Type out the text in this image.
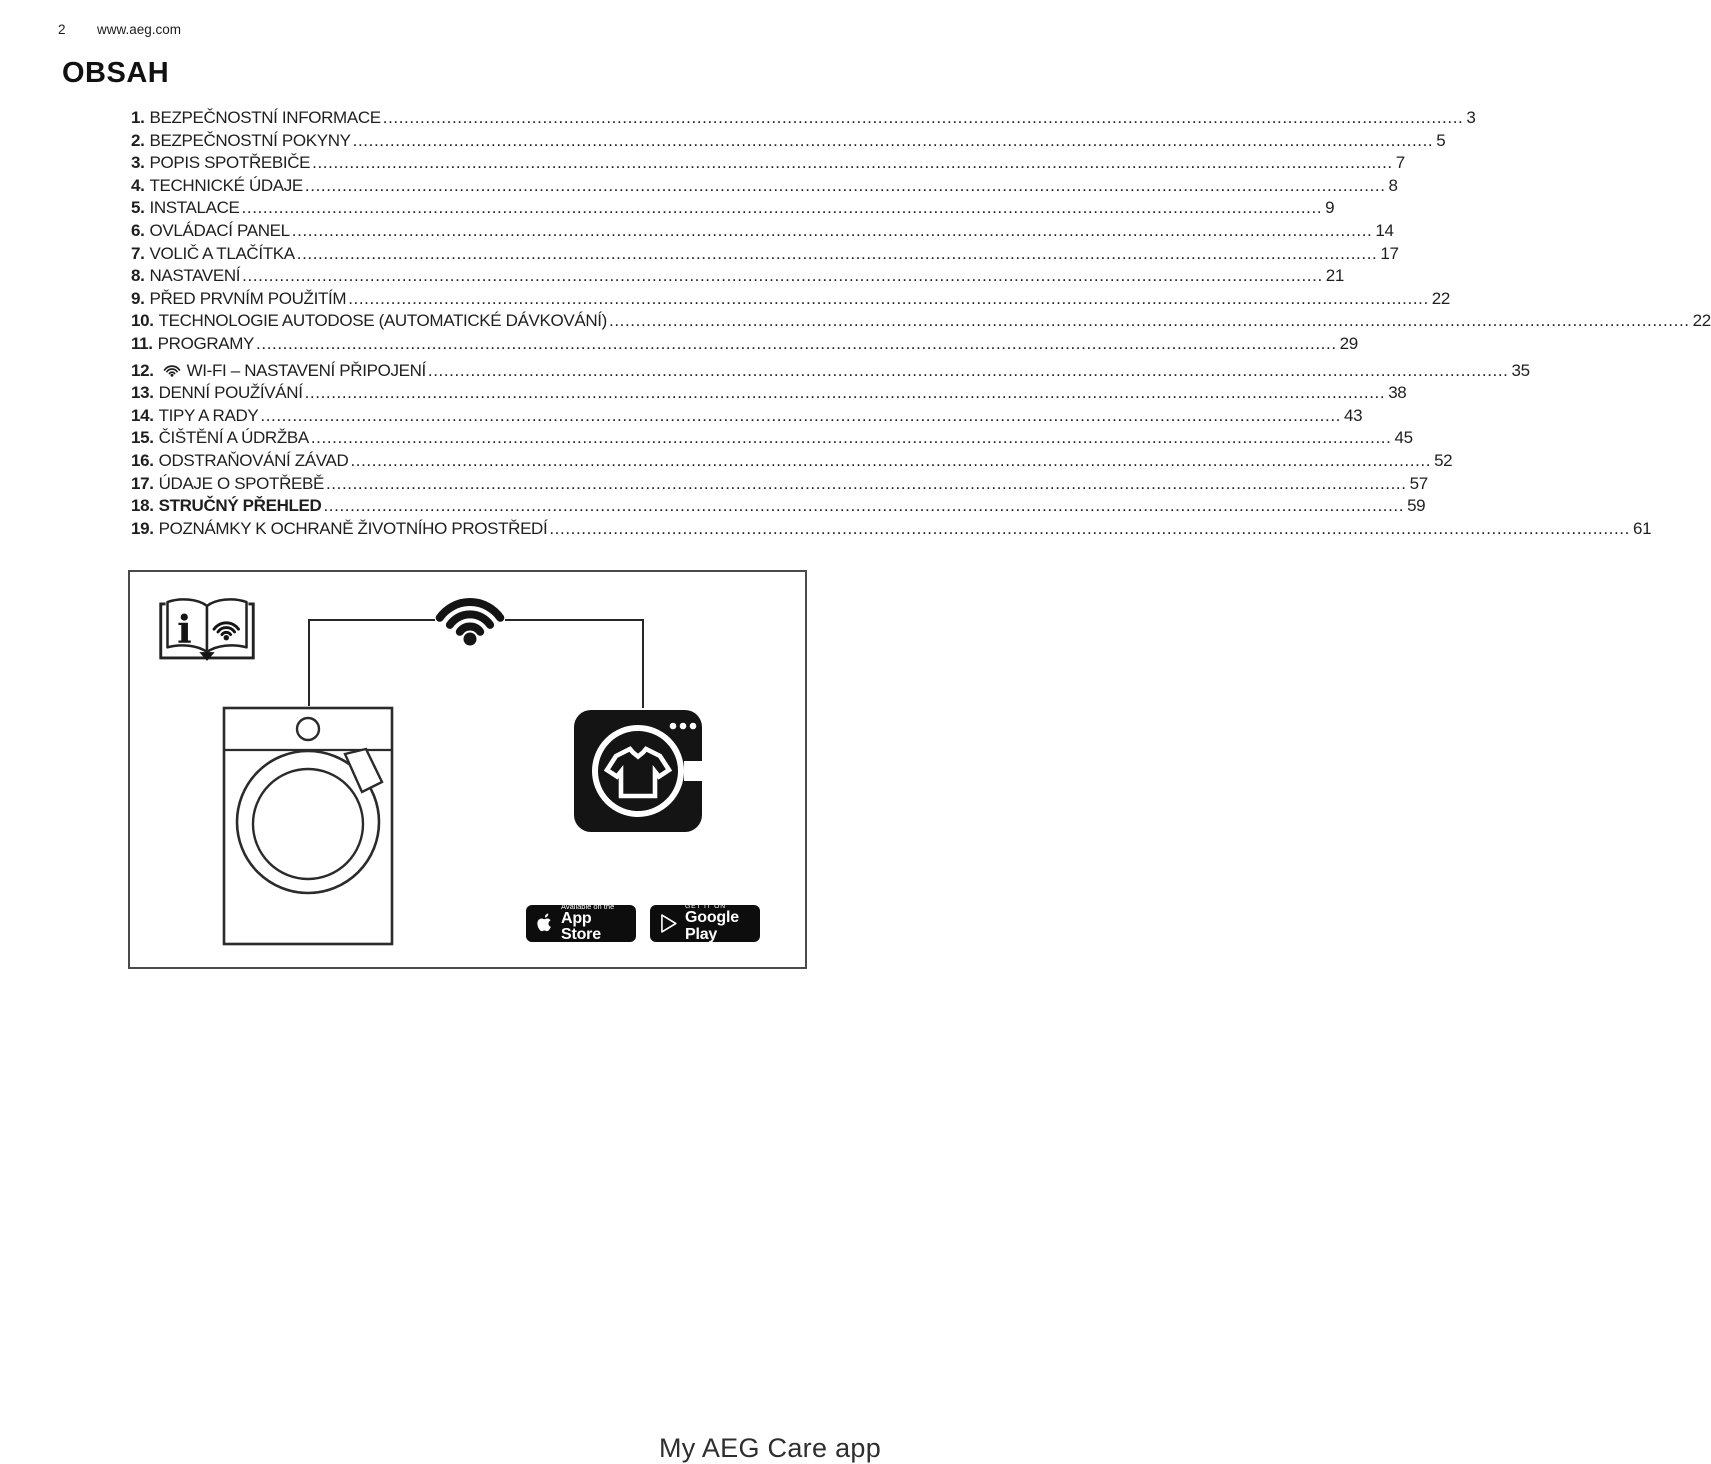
2 www.aeg.com
OBSAH
1. BEZPEČNOSTNÍ INFORMACE .....	3
2. BEZPEČNOSTNÍ POKYNY .....	5
3. POPIS SPOTŘEBIČE .....	7
4. TECHNICKÉ ÚDAJE .....	8
5. INSTALACE .....	9
6. OVLÁDACÍ PANEL .....	14
7. VOLIČ A TLAČÍTKA .....	17
8. NASTAVENÍ .....	21
9. PŘED PRVNÍM POUŽITÍM .....	22
10. TECHNOLOGIE AUTODOSE (AUTOMATICKÉ DÁVKOVÁNÍ) .....	22
11. PROGRAMY .....	29
12. WI-FI – NASTAVENÍ PŘIPOJENÍ .....	35
13. DENNÍ POUŽÍVÁNÍ .....	38
14. TIPY A RADY .....	43
15. ČIŠTĚNÍ A ÚDRŽBA .....	45
16. ODSTRAŇOVÁNÍ ZÁVAD .....	52
17. ÚDAJE O SPOTŘEBĚ .....	57
18. STRUČNÝ PŘEHLED .....	59
19. POZNÁMKY K OCHRANĚ ŽIVOTNÍHO PROSTŘEDÍ .....	61
i
My AEG Care app
Available on the
App Store
GET IT ON
Google Play
